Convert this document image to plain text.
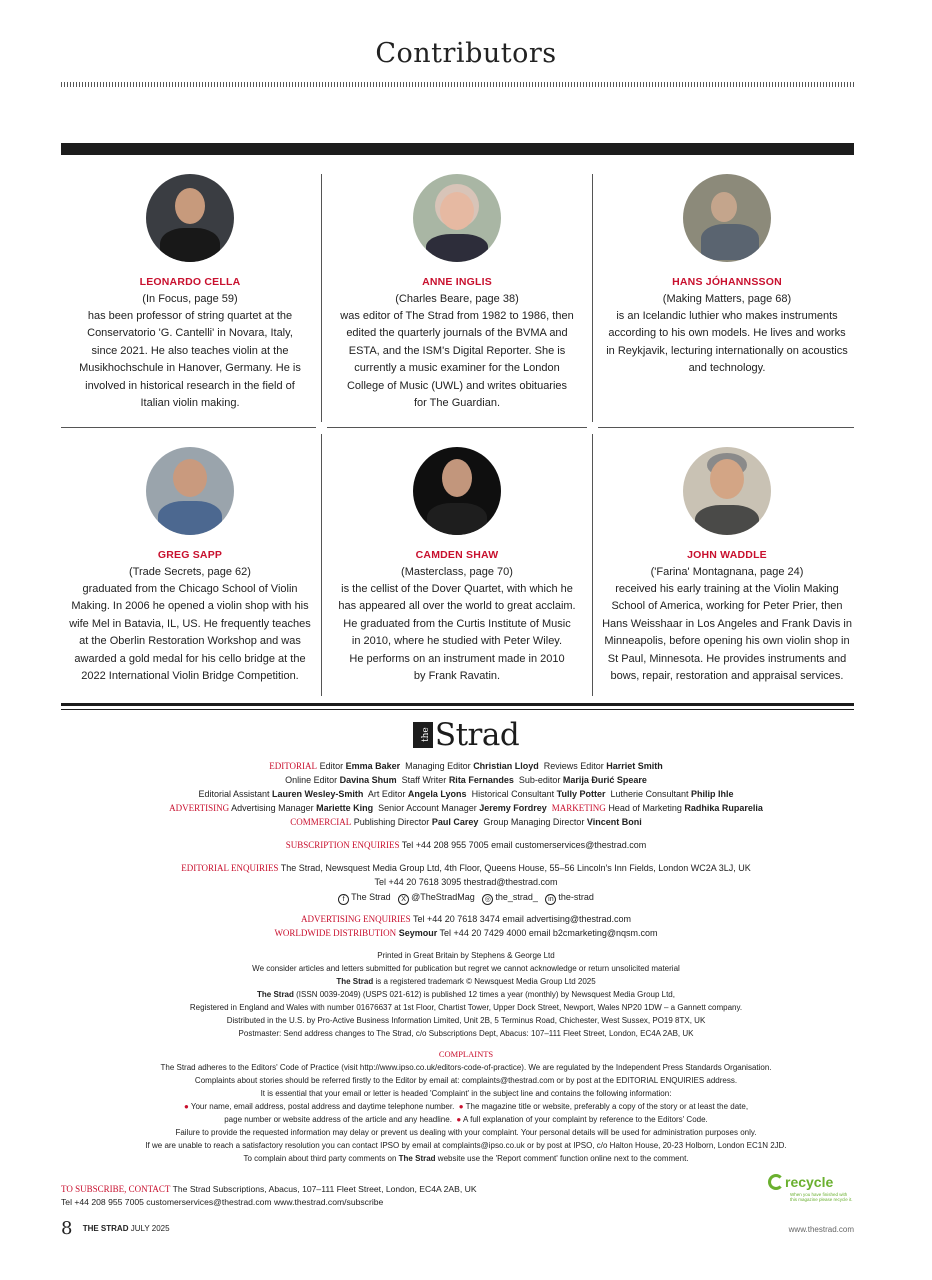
Contributors
LEONARDO CELLA
(In Focus, page 59)
has been professor of string quartet at the
Conservatorio 'G. Cantelli' in Novara, Italy,
since 2021. He also teaches violin at the
Musikhochschule in Hanover, Germany. He is
involved in historical research in the field of
Italian violin making.
ANNE INGLIS
(Charles Beare, page 38)
was editor of The Strad from 1982 to 1986, then
edited the quarterly journals of the BVMA and
ESTA, and the ISM's Digital Reporter. She is
currently a music examiner for the London
College of Music (UWL) and writes obituaries
for The Guardian.
HANS JÓHANNSSON
(Making Matters, page 68)
is an Icelandic luthier who makes instruments
according to his own models. He lives and works
in Reykjavik, lecturing internationally on acoustics
and technology.
GREG SAPP
(Trade Secrets, page 62)
graduated from the Chicago School of Violin
Making. In 2006 he opened a violin shop with his
wife Mel in Batavia, IL, US. He frequently teaches
at the Oberlin Restoration Workshop and was
awarded a gold medal for his cello bridge at the
2022 International Violin Bridge Competition.
CAMDEN SHAW
(Masterclass, page 70)
is the cellist of the Dover Quartet, with which he
has appeared all over the world to great acclaim.
He graduated from the Curtis Institute of Music
in 2010, where he studied with Peter Wiley.
He performs on an instrument made in 2010
by Frank Ravatin.
JOHN WADDLE
('Farina' Montagnana, page 24)
received his early training at the Violin Making
School of America, working for Peter Prier, then
Hans Weisshaar in Los Angeles and Frank Davis in
Minneapolis, before opening his own violin shop in
St Paul, Minnesota. He provides instruments and
bows, repair, restoration and appraisal services.
the Strad
EDITORIAL Editor Emma Baker Managing Editor Christian Lloyd Reviews Editor Harriet Smith
Online Editor Davina Shum Staff Writer Rita Fernandes Sub-editor Marija Đurić Speare
Editorial Assistant Lauren Wesley-Smith Art Editor Angela Lyons Historical Consultant Tully Potter Lutherie Consultant Philip Ihle
ADVERTISING Advertising Manager Mariette King Senior Account Manager Jeremy Fordrey MARKETING Head of Marketing Radhika Ruparelia
COMMERCIAL Publishing Director Paul Carey Group Managing Director Vincent Boni
SUBSCRIPTION ENQUIRIES Tel +44 208 955 7005 email customerservices@thestrad.com
EDITORIAL ENQUIRIES The Strad, Newsquest Media Group Ltd, 4th Floor, Queens House, 55–56 Lincoln's Inn Fields, London WC2A 3LJ, UK
Tel +44 20 7618 3095 thestrad@thestrad.com
f The Strad X @TheStradMag ◎ the_strad_ in the-strad
ADVERTISING ENQUIRIES Tel +44 20 7618 3474 email advertising@thestrad.com
WORLDWIDE DISTRIBUTION Seymour Tel +44 20 7429 4000 email b2cmarketing@nqsm.com
Printed in Great Britain by Stephens & George Ltd
We consider articles and letters submitted for publication but regret we cannot acknowledge or return unsolicited material
The Strad is a registered trademark © Newsquest Media Group Ltd 2025
The Strad (ISSN 0039-2049) (USPS 021-612) is published 12 times a year (monthly) by Newsquest Media Group Ltd,
Registered in England and Wales with number 01676637 at 1st Floor, Chartist Tower, Upper Dock Street, Newport, Wales NP20 1DW – a Gannett company.
Distributed in the U.S. by Pro-Active Business Information Limited, Unit 2B, 5 Terminus Road, Chichester, West Sussex, PO19 8TX, UK
Postmaster: Send address changes to The Strad, c/o Subscriptions Dept, Abacus: 107–111 Fleet Street, London, EC4A 2AB, UK
COMPLAINTS
The Strad adheres to the Editors' Code of Practice (visit http://www.ipso.co.uk/editors-code-of-practice). We are regulated by the Independent Press Standards Organisation.
Complaints about stories should be referred firstly to the Editor by email at: complaints@thestrad.com or by post at the EDITORIAL ENQUIRIES address.
It is essential that your email or letter is headed 'Complaint' in the subject line and contains the following information:
● Your name, email address, postal address and daytime telephone number. ● The magazine title or website, preferably a copy of the story or at least the date,
page number or website address of the article and any headline. ● A full explanation of your complaint by reference to the Editors' Code.
Failure to provide the requested information may delay or prevent us dealing with your complaint. Your personal details will be used for administration purposes only.
If we are unable to reach a satisfactory resolution you can contact IPSO by email at complaints@ipso.co.uk or by post at IPSO, c/o Halton House, 20-23 Holborn, London EC1N 2JD.
To complain about third party comments on The Strad website use the 'Report comment' function online next to the comment.
TO SUBSCRIBE, CONTACT The Strad Subscriptions, Abacus, 107–111 Fleet Street, London, EC4A 2AB, UK
Tel +44 208 955 7005 customerservices@thestrad.com www.thestrad.com/subscribe
recycle
When you have finished with this magazine please recycle it.
8 THE STRAD JULY 2025	www.thestrad.com
